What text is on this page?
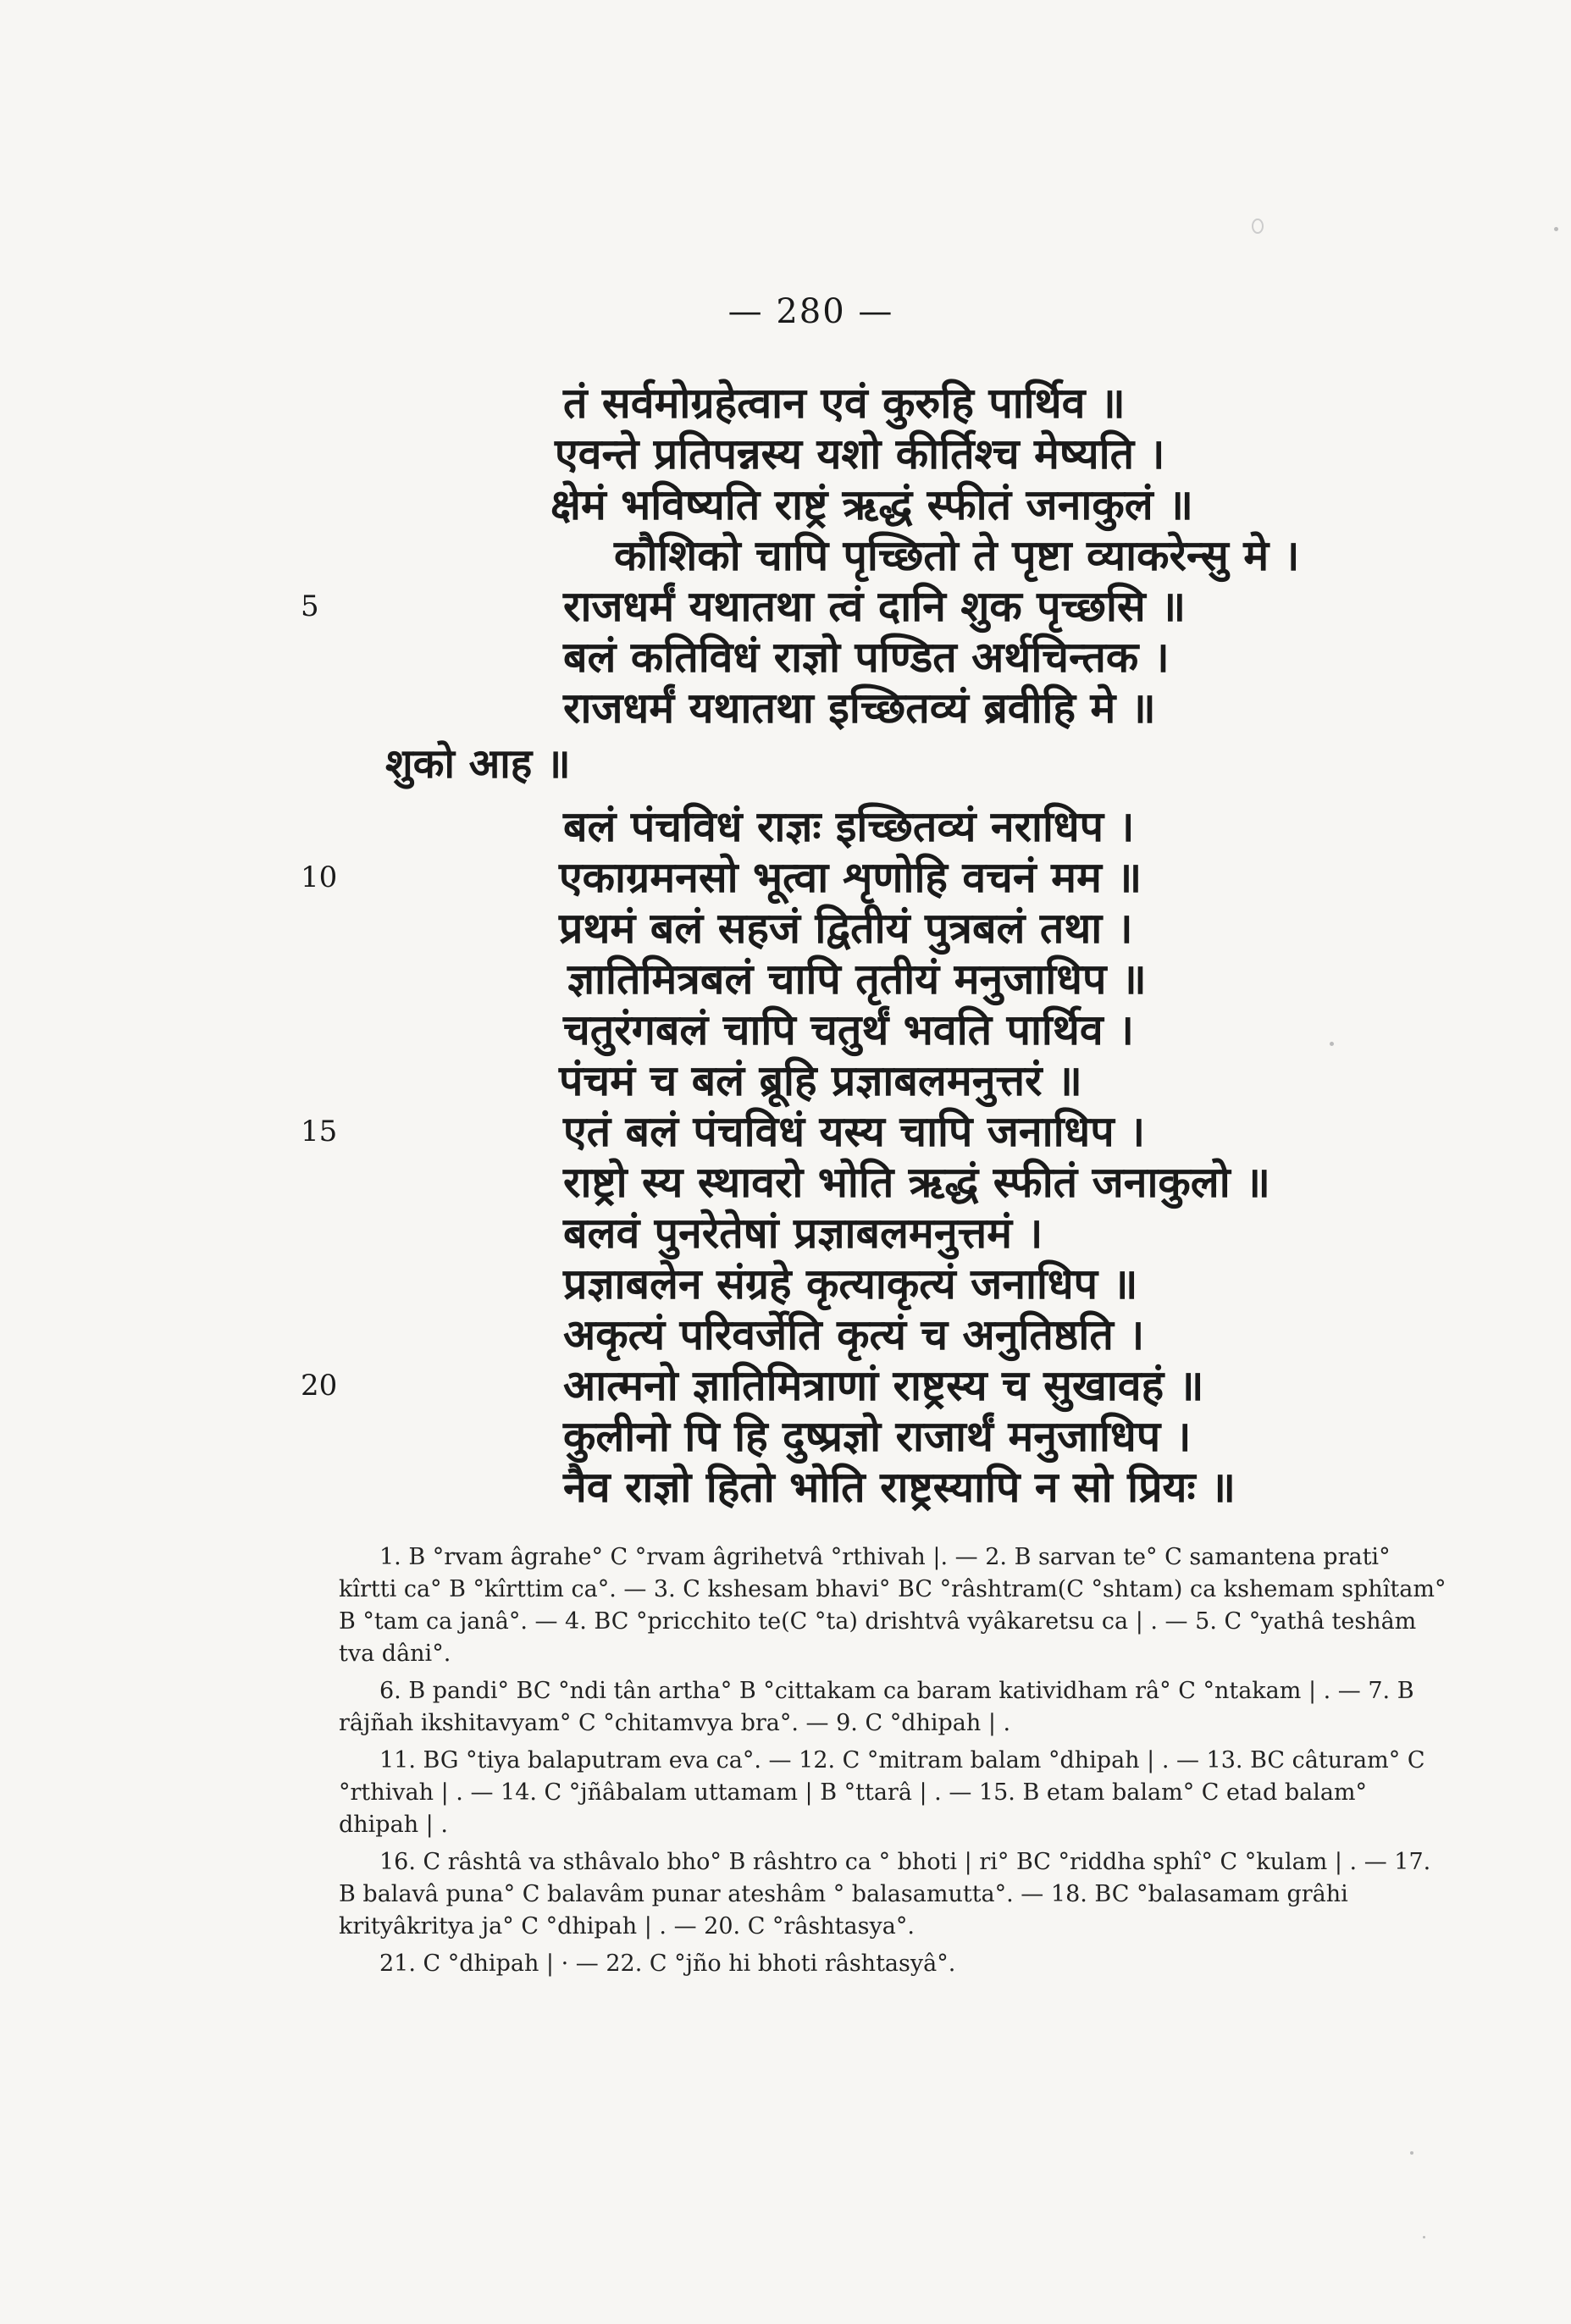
— 280 —
तं सर्वमोग्रहेत्वान एवं कुरुहि पार्थिव ॥
एवन्ते प्रतिपन्नस्य यशो कीर्तिश्च मेष्यति ।
क्षेमं भविष्यति राष्ट्रं ऋद्धं स्फीतं जनाकुलं ॥
कौशिको चापि पृच्छितो ते पृष्टा व्याकरेन्सु मे ।
राजधर्मं यथातथा त्वं दानि शुक पृच्छसि ॥
5
बलं कतिविधं राज्ञो पण्डित अर्थचिन्तक ।
राजधर्मं यथातथा इच्छितव्यं ब्रवीहि मे ॥
बलं पंचविधं राज्ञः इच्छितव्यं नराधिप ।
एकाग्रमनसो भूत्वा शृणोहि वचनं मम ॥
10
प्रथमं बलं सहजं द्वितीयं पुत्रबलं तथा ।
ज्ञातिमित्रबलं चापि तृतीयं मनुजाधिप ॥
चतुरंगबलं चापि चतुर्थं भवति पार्थिव ।
पंचमं च बलं ब्रूहि प्रज्ञाबलमनुत्तरं ॥
एतं बलं पंचविधं यस्य चापि जनाधिप ।
15
राष्ट्रो स्य स्थावरो भोति ऋद्धं स्फीतं जनाकुलो ॥
बलवं पुनरेतेषां प्रज्ञाबलमनुत्तमं ।
प्रज्ञाबलेन संग्रहे कृत्याकृत्यं जनाधिप ॥
अकृत्यं परिवर्जेति कृत्यं च अनुतिष्ठति ।
आत्मनो ज्ञातिमित्राणां राष्ट्रस्य च सुखावहं ॥
20
कुलीनो पि हि दुष्प्रज्ञो राजार्थं मनुजाधिप ।
नैव राज्ञो हितो भोति राष्ट्रस्यापि न सो प्रियः ॥
शुको आह ॥

1. B °rvam âgrahe° C °rvam âgrihetvâ °rthivah |. — 2. B sarvan te° C samantena prati° kîrtti ca° B °kîrttim ca°. — 3. C kshesam bhavi° BC °râshtram(C °shtam) ca kshemam sphîtam° B °tam ca janâ°. — 4. BC °pricchito te(C °ta) drishtvâ vyâkaretsu ca | . — 5. C °yathâ teshâm tva dâni°.

6. B pandi° BC °ndi tân artha° B °cittakam ca baram katividham râ° C °ntakam | . — 7. B râjñah ikshitavyam° C °chitamvya bra°. — 9. C °dhipah | .

11. BG °tiya balaputram eva ca°. — 12. C °mitram balam °dhipah | . — 13. BC câturam° C °rthivah | . — 14. C °jñâbalam uttamam | B °ttarâ | . — 15. B etam balam° C etad balam° dhipah | .

16. C râshtâ va sthâvalo bho° B râshtro ca ° bhoti | ri° BC °riddha sphî° C °kulam | . — 17. B balavâ puna° C balavâm punar ateshâm ° balasamutta°. — 18. BC °balasamam grâhi krityâkritya ja° C °dhipah | . — 20. C °râshtasya°.

21. C °dhipah | · — 22. C °jño hi bhoti râshtasyâ°.
